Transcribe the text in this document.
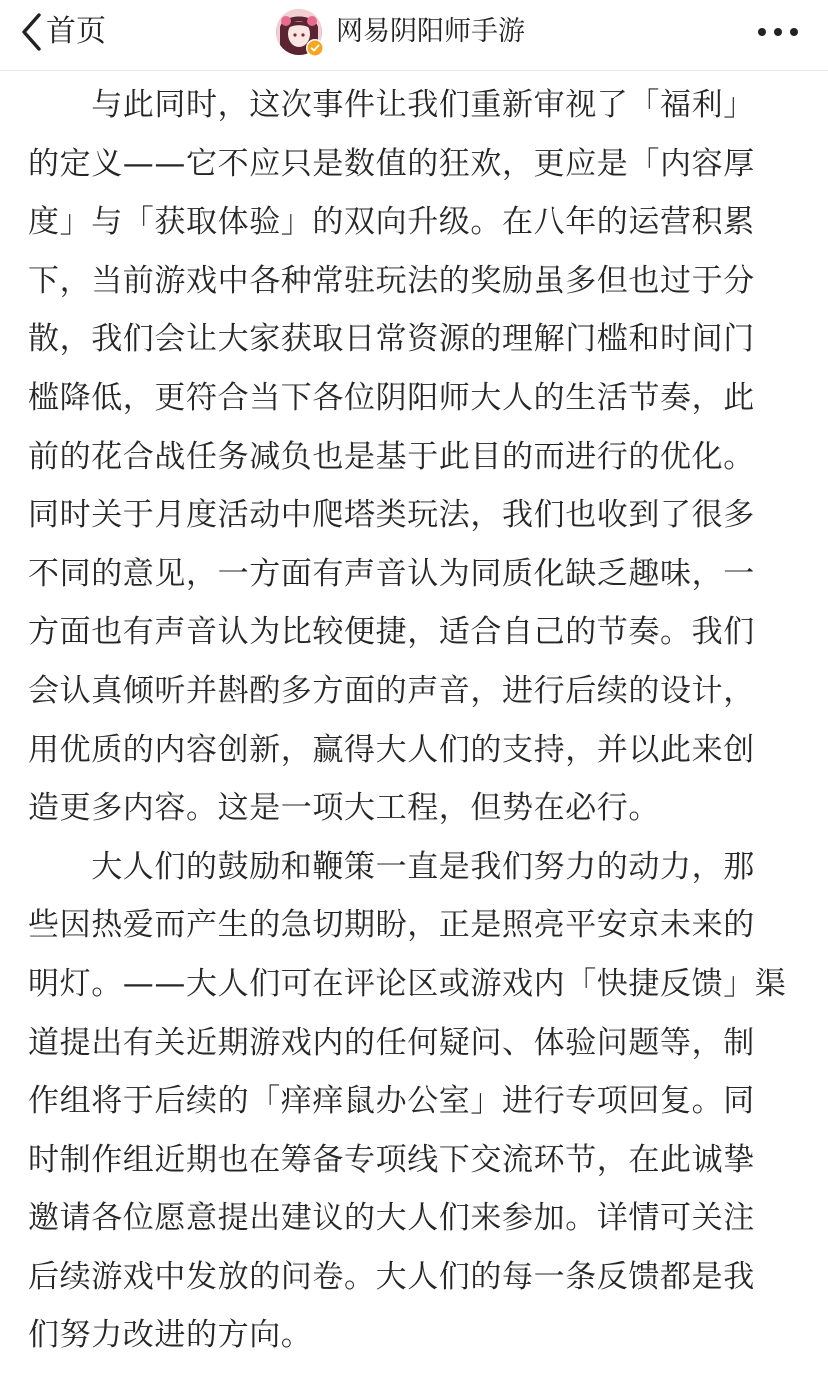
首页	网易阴阳师手游

　　与此同时，这次事件让我们重新审视了「福利」

的定义——它不应只是数值的狂欢，更应是「内容厚

度」与「获取体验」的双向升级。在八年的运营积累

下，当前游戏中各种常驻玩法的奖励虽多但也过于分

散，我们会让大家获取日常资源的理解门槛和时间门

槛降低，更符合当下各位阴阳师大人的生活节奏，此

前的花合战任务减负也是基于此目的而进行的优化。

同时关于月度活动中爬塔类玩法，我们也收到了很多

不同的意见，一方面有声音认为同质化缺乏趣味，一

方面也有声音认为比较便捷，适合自己的节奏。我们

会认真倾听并斟酌多方面的声音，进行后续的设计，

用优质的内容创新，赢得大人们的支持，并以此来创

造更多内容。这是一项大工程，但势在必行。

　　大人们的鼓励和鞭策一直是我们努力的动力，那

些因热爱而产生的急切期盼，正是照亮平安京未来的

明灯。——大人们可在评论区或游戏内「快捷反馈」渠

道提出有关近期游戏内的任何疑问、体验问题等，制

作组将于后续的「痒痒鼠办公室」进行专项回复。同

时制作组近期也在筹备专项线下交流环节，在此诚挚

邀请各位愿意提出建议的大人们来参加。详情可关注

后续游戏中发放的问卷。大人们的每一条反馈都是我

们努力改进的方向。
